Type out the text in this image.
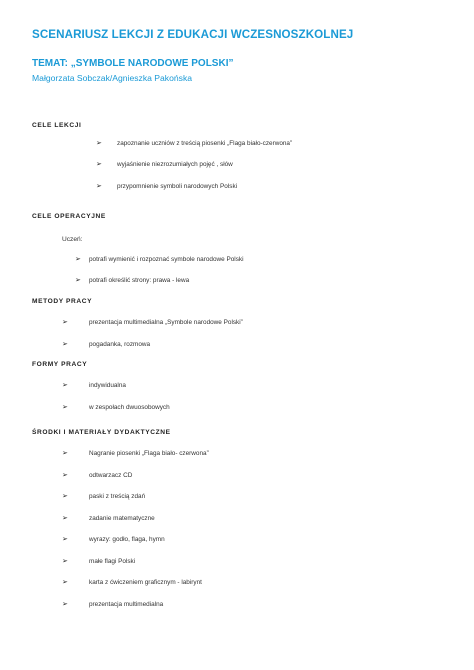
SCENARIUSZ LEKCJI Z EDUKACJI WCZESNOSZKOLNEJ
TEMAT: „SYMBOLE NARODOWE POLSKI”
Małgorzata Sobczak/Agnieszka Pakońska
CELE LEKCJI
➢ zapoznanie uczniów z treścią piosenki „Flaga biało-czerwona”
➢ wyjaśnienie niezrozumiałych pojęć , słów
➢ przypomnienie symboli narodowych Polski
CELE OPERACYJNE
Uczeń:
➢ potrafi wymienić i rozpoznać symbole narodowe Polski
➢ potrafi określić strony: prawa - lewa
METODY PRACY
➢	prezentacja multimedialna „Symbole narodowe Polski”
➢	pogadanka, rozmowa
FORMY PRACY
➢	indywidualna
➢	w zespołach dwuosobowych
ŚRODKI I MATERIAŁY DYDAKTYCZNE
➢	Nagranie piosenki „Flaga biało- czerwona”
➢	odtwarzacz CD
➢	paski z treścią zdań
➢	zadanie matematyczne
➢	wyrazy: godło, flaga, hymn
➢	małe flagi Polski
➢	karta z ćwiczeniem graficznym - labirynt
➢	prezentacja multimedialna
